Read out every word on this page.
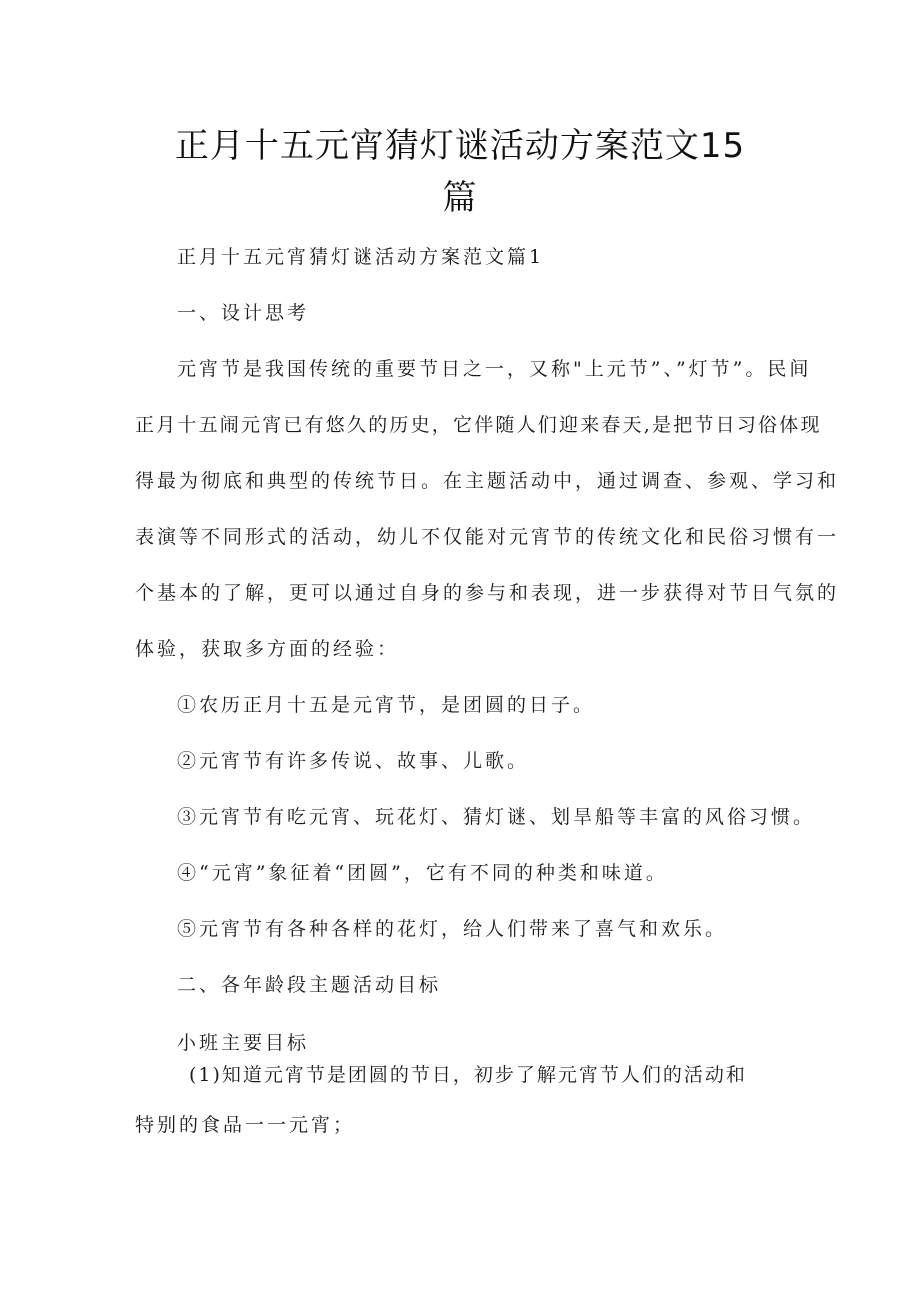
正月十五元宵猜灯谜活动方案范文15
篇

正月十五元宵猜灯谜活动方案范文篇1

一、设计思考

元宵节是我国传统的重要节日之一，又称"上元节”、”灯节”。民间

正月十五闹元宵已有悠久的历史，它伴随人们迎来春天,是把节日习俗体现

得最为彻底和典型的传统节日。在主题活动中，通过调查、参观、学习和

表演等不同形式的活动，幼儿不仅能对元宵节的传统文化和民俗习惯有一

个基本的了解，更可以通过自身的参与和表现，进一步获得对节日气氛的

体验，获取多方面的经验：

①农历正月十五是元宵节，是团圆的日子。

②元宵节有许多传说、故事、儿歌。

③元宵节有吃元宵、玩花灯、猜灯谜、划旱船等丰富的风俗习惯。

④“元宵”象征着“团圆”，它有不同的种类和味道。

⑤元宵节有各种各样的花灯，给人们带来了喜气和欢乐。

二、各年龄段主题活动目标

小班主要目标

(1)知道元宵节是团圆的节日，初步了解元宵节人们的活动和

特别的食品一一元宵；
